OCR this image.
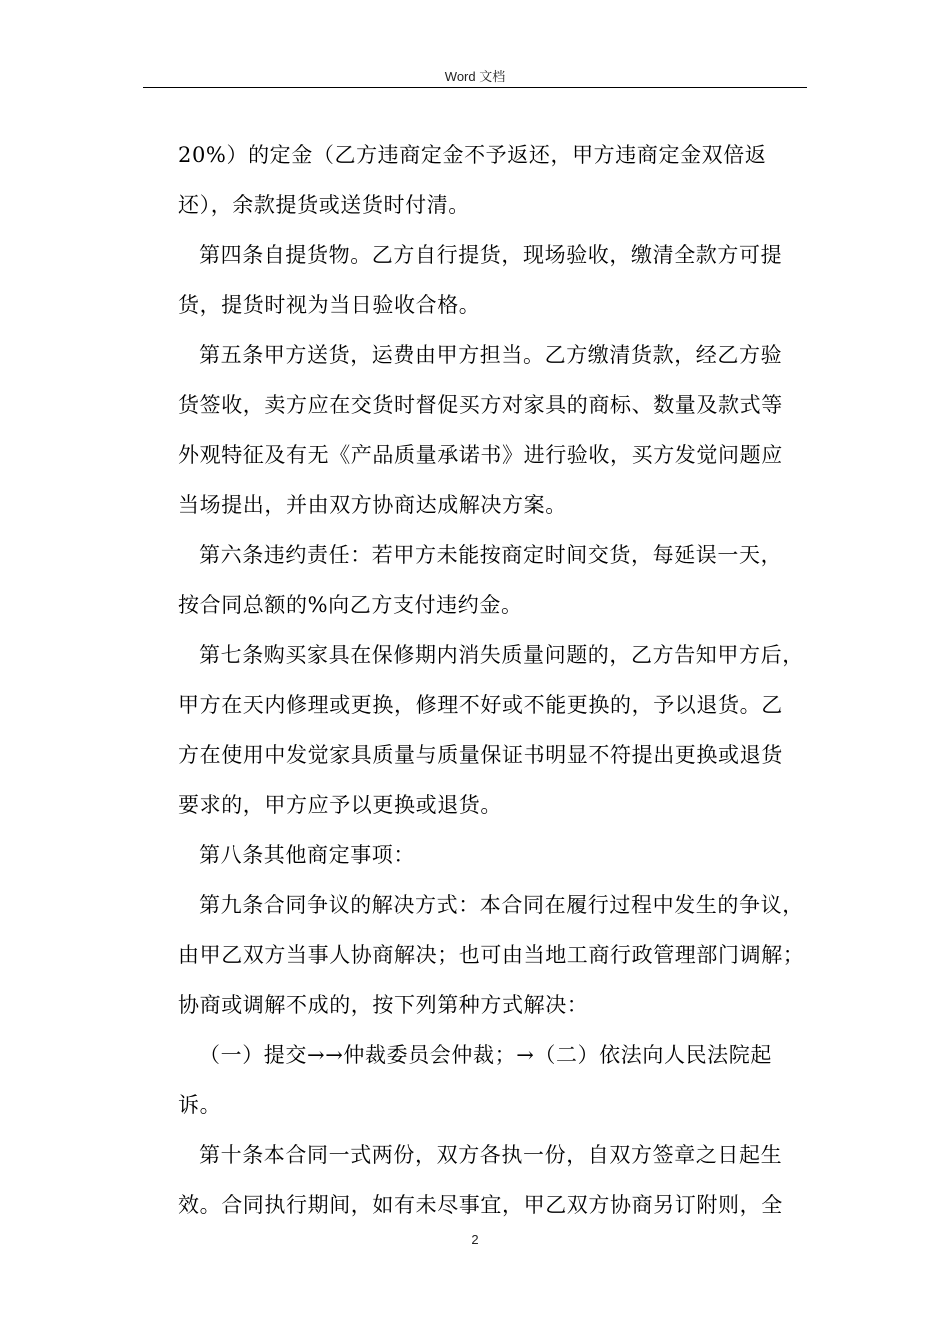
Word 文档
20%）的定金（乙方违商定金不予返还，甲方违商定金双倍返
还），余款提货或送货时付清。
第四条自提货物。乙方自行提货，现场验收，缴清全款方可提
货，提货时视为当日验收合格。
第五条甲方送货，运费由甲方担当。乙方缴清货款，经乙方验
货签收，卖方应在交货时督促买方对家具的商标、数量及款式等
外观特征及有无《产品质量承诺书》进行验收，买方发觉问题应
当场提出，并由双方协商达成解决方案。
第六条违约责任：若甲方未能按商定时间交货，每延误一天，
按合同总额的%向乙方支付违约金。
第七条购买家具在保修期内消失质量问题的，乙方告知甲方后，
甲方在天内修理或更换，修理不好或不能更换的，予以退货。乙
方在使用中发觉家具质量与质量保证书明显不符提出更换或退货
要求的，甲方应予以更换或退货。
第八条其他商定事项：
第九条合同争议的解决方式：本合同在履行过程中发生的争议，
由甲乙双方当事人协商解决；也可由当地工商行政管理部门调解；
协商或调解不成的，按下列第种方式解决：
（一）提交→→仲裁委员会仲裁；→（二）依法向人民法院起
诉。
第十条本合同一式两份，双方各执一份，自双方签章之日起生
效。合同执行期间，如有未尽事宜，甲乙双方协商另订附则，全
2
